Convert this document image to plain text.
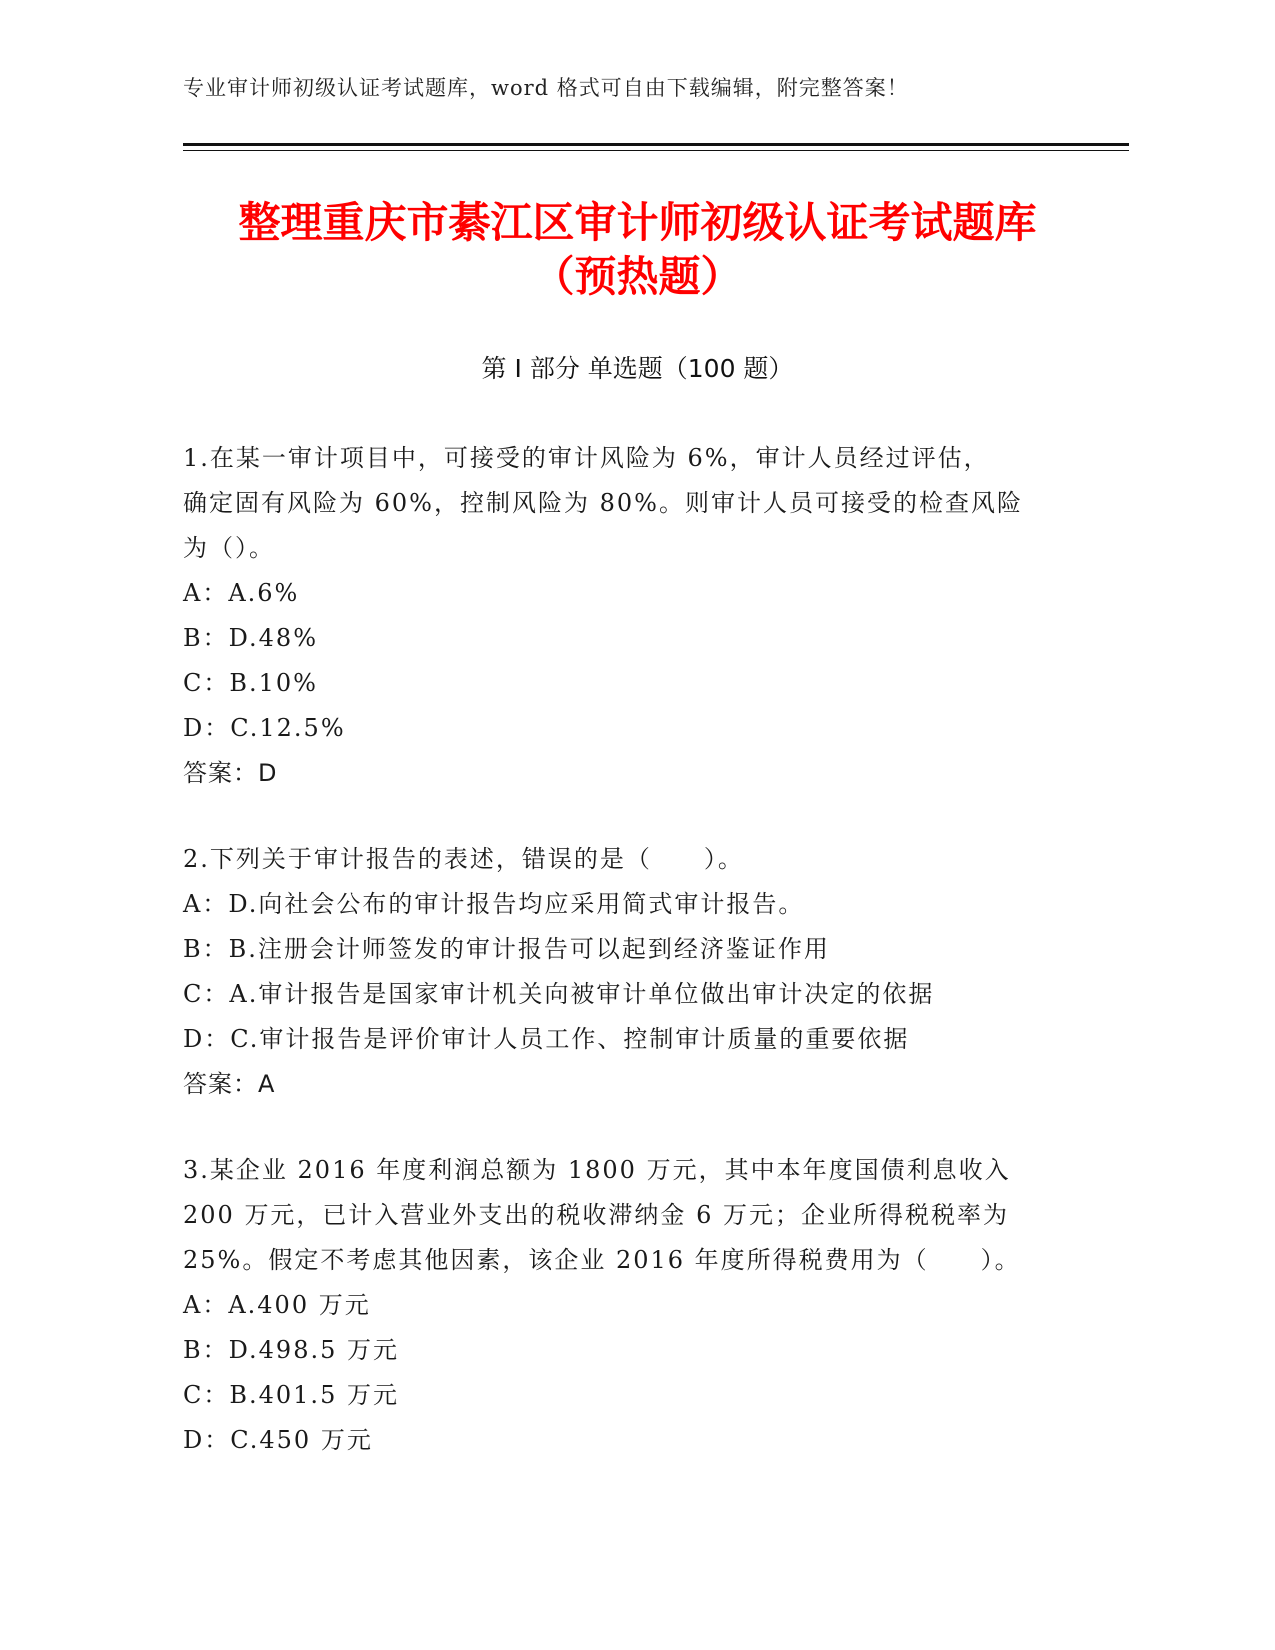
专业审计师初级认证考试题库，word 格式可自由下载编辑，附完整答案！
整理重庆市綦江区审计师初级认证考试题库
（预热题）
第 I 部分 单选题（100 题）
1.在某一审计项目中，可接受的审计风险为 6%，审计人员经过评估，
确定固有风险为 60%，控制风险为 80%。则审计人员可接受的检查风险
为（）。
A：A.6%
B：D.48%
C：B.10%
D：C.12.5%
答案：D
2.下列关于审计报告的表述，错误的是（　　）。
A：D.向社会公布的审计报告均应采用简式审计报告。
B：B.注册会计师签发的审计报告可以起到经济鉴证作用
C：A.审计报告是国家审计机关向被审计单位做出审计决定的依据
D：C.审计报告是评价审计人员工作、控制审计质量的重要依据
答案：A
3.某企业 2016 年度利润总额为 1800 万元，其中本年度国债利息收入
200 万元，已计入营业外支出的税收滞纳金 6 万元；企业所得税税率为
25%。假定不考虑其他因素，该企业 2016 年度所得税费用为（　　）。
A：A.400 万元
B：D.498.5 万元
C：B.401.5 万元
D：C.450 万元
